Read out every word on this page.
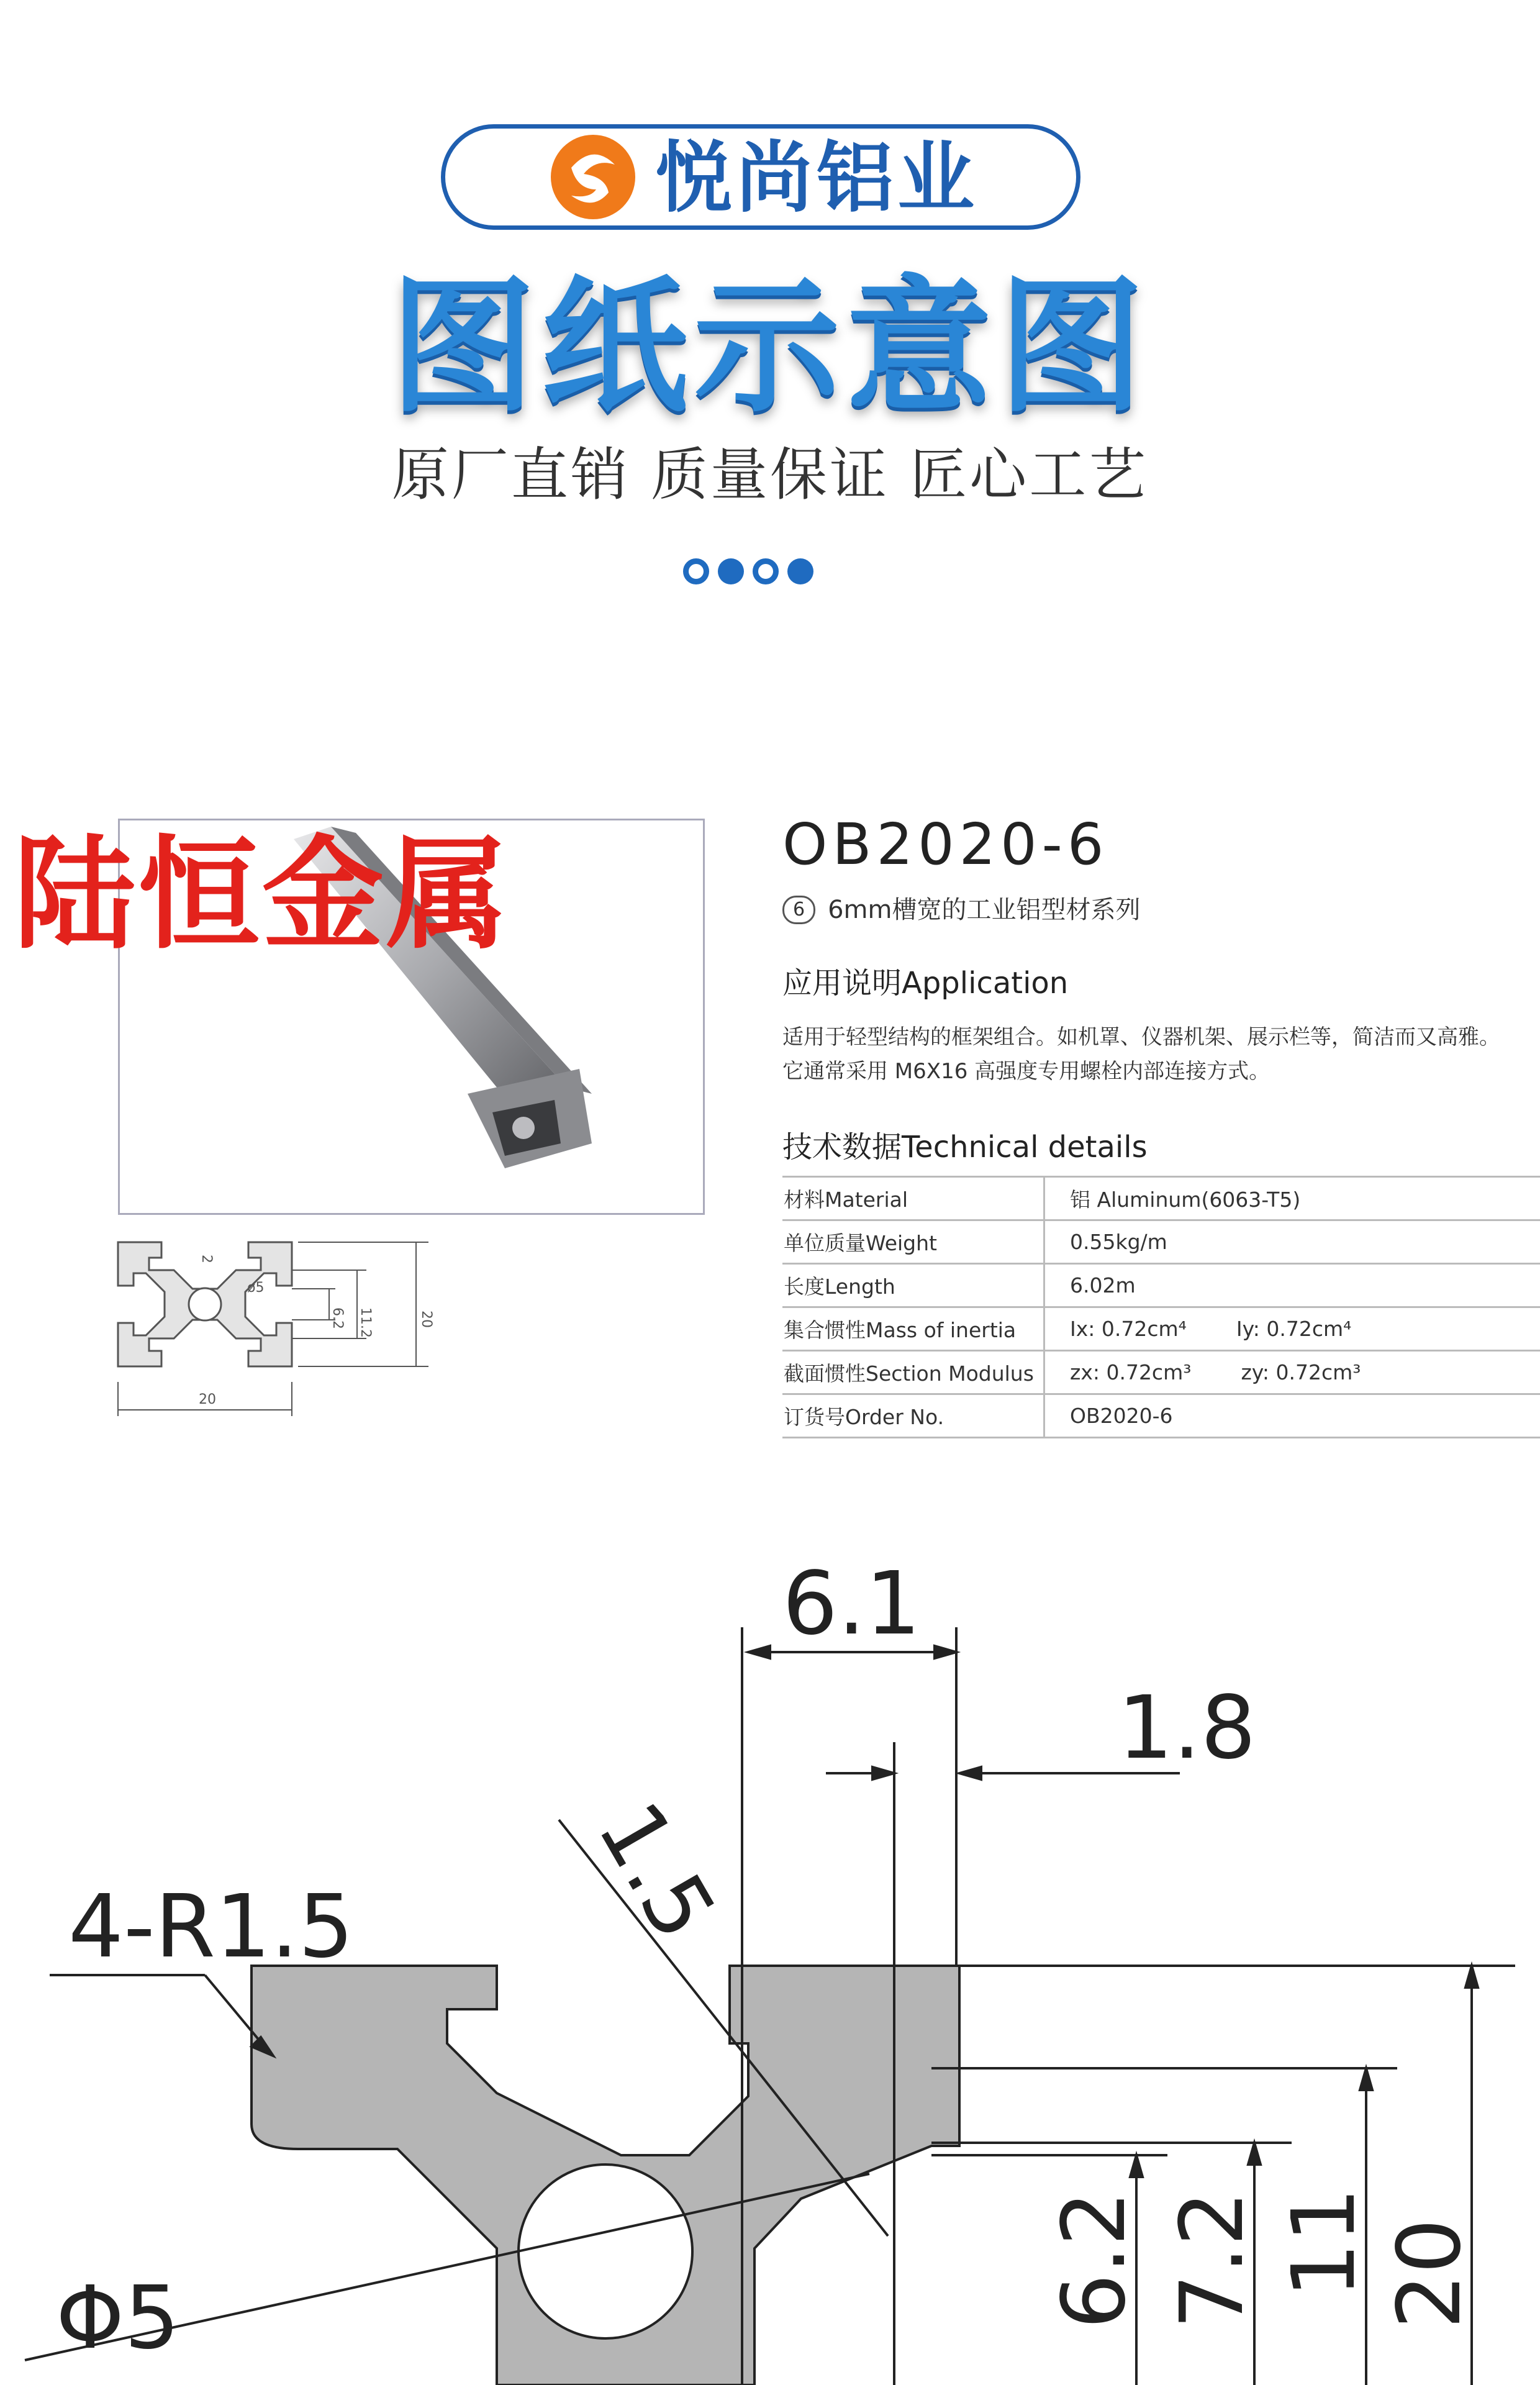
悦尚铝业
图纸示意图
原厂直销 质量保证 匠心工艺
陆恒金属
20
20
11.2
6.2
ø5
2
OB2020-6
6 6mm槽宽的工业铝型材系列
应用说明Application
适用于轻型结构的框架组合。如机罩、仪器机架、展示栏等，简洁而又高雅。
它通常采用 M6X16 高强度专用螺栓内部连接方式。
技术数据Technical details
材料Material	铝 Aluminum(6063-T5)
单位质量Weight	0.55kg/m
长度Length	6.02m
集合惯性Mass of inertia	Ix: 0.72cm⁴ Iy: 0.72cm⁴
截面惯性Section Modulus	zx: 0.72cm³ zy: 0.72cm³
订货号Order No.	OB2020-6
6.1
1.8
4-R1.5	1.5
Φ5	6.2 7.2 11 20
